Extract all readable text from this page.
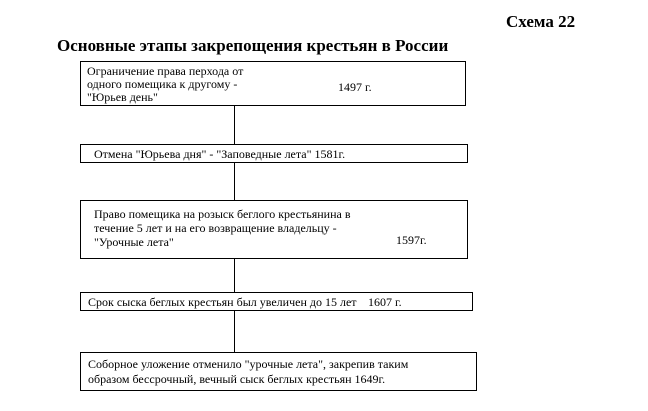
Схема 22
Основные этапы закрепощения крестьян в России
Ограничение права перхода от
одного помещика к другому -
"Юрьев день"
1497 г.
Отмена "Юрьева дня" - "Заповедные лета" 1581г.
Право помещика на розыск беглого крестьянина в
течение 5 лет и на его возвращение владельцу -
"Урочные лета"	1597г.
Срок сыска беглых крестьян был увеличен до 15 лет 1607 г.
Соборное уложение отменило "урочные лета", закрепив таким
образом бессрочный, вечный сыск беглых крестьян 1649г.
